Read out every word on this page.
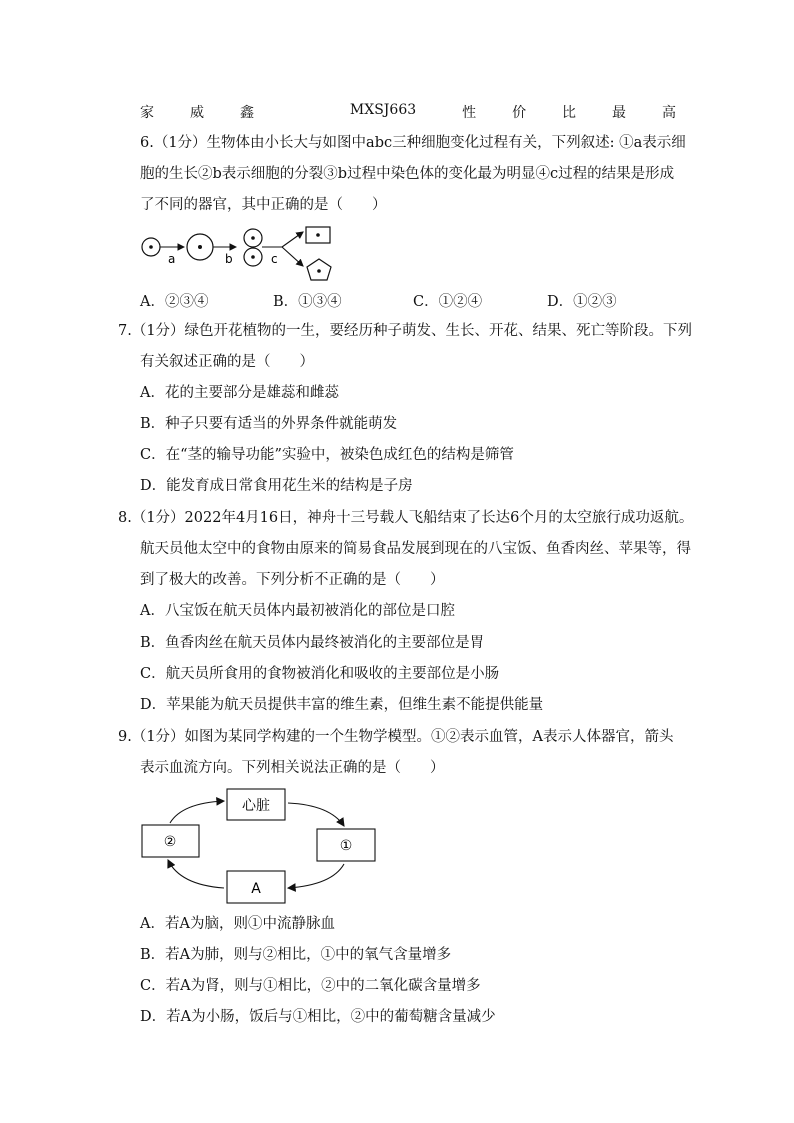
家	威	鑫	MXSJ663	性	价	比	最	高
6.（1分）生物体由小长大与如图中abc三种细胞变化过程有关，下列叙述: ①a表示细
胞的生长②b表示细胞的分裂③b过程中染色体的变化最为明显④c过程的结果是形成
了不同的器官，其中正确的是（　　）
a	b	c
A．②③④	B．①③④	C．①②④	D．①②③
7.（1分）绿色开花植物的一生，要经历种子萌发、生长、开花、结果、死亡等阶段。下列
有关叙述正确的是（　　）
A．花的主要部分是雄蕊和雌蕊
B．种子只要有适当的外界条件就能萌发
C．在“茎的输导功能”实验中，被染色成红色的结构是筛管
D．能发育成日常食用花生米的结构是子房
8.（1分）2022年4月16日，神舟十三号载人飞船结束了长达6个月的太空旅行成功返航。
航天员他太空中的食物由原来的简易食品发展到现在的八宝饭、鱼香肉丝、苹果等，得
到了极大的改善。下列分析不正确的是（　　）
A．八宝饭在航天员体内最初被消化的部位是口腔
B．鱼香肉丝在航天员体内最终被消化的主要部位是胃
C．航天员所食用的食物被消化和吸收的主要部位是小肠
D．苹果能为航天员提供丰富的维生素，但维生素不能提供能量
9.（1分）如图为某同学构建的一个生物学模型。①②表示血管，A表示人体器官，箭头
表示血流方向。下列相关说法正确的是（　　）
心脏
①
②
A
A．若A为脑，则①中流静脉血
B．若A为肺，则与②相比，①中的氧气含量增多
C．若A为肾，则与①相比，②中的二氧化碳含量增多
D．若A为小肠，饭后与①相比，②中的葡萄糖含量减少
